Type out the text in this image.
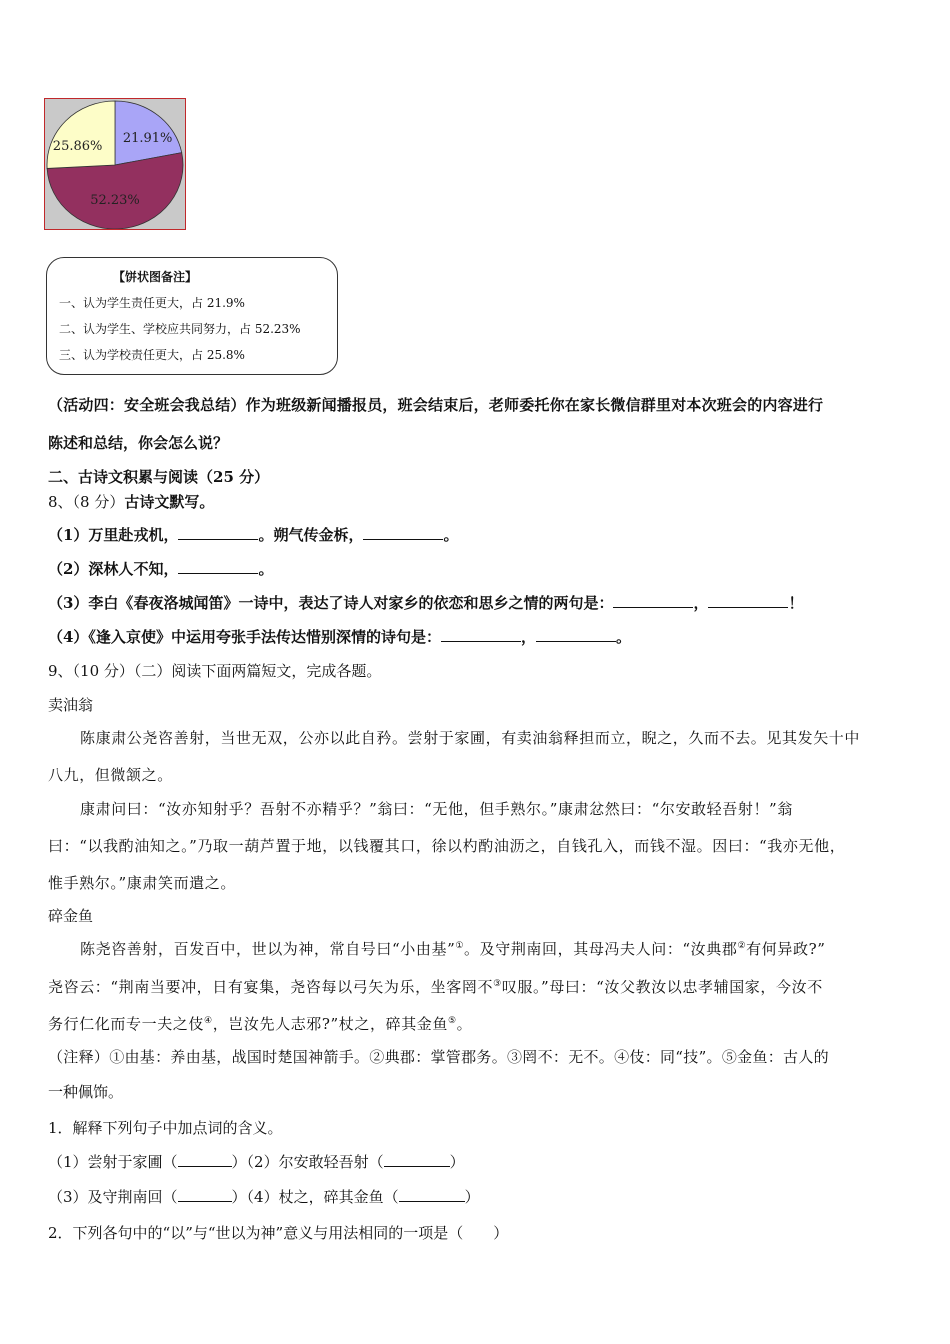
21.91%
52.23%
25.86%
【饼状图备注】
一、认为学生责任更大，占 21.9%
二、认为学生、学校应共同努力，占 52.23%
三、认为学校责任更大，占 25.8%
（活动四：安全班会我总结）作为班级新闻播报员，班会结束后，老师委托你在家长微信群里对本次班会的内容进行
陈述和总结，你会怎么说？
二、古诗文积累与阅读（25 分）
8、（8 分）古诗文默写。
（1）万里赴戎机，	。朔气传金柝，	。
（2）深林人不知，	。
（3）李白《春夜洛城闻笛》一诗中，表达了诗人对家乡的依恋和思乡之情的两句是：	，	！
（4）《逢入京使》中运用夸张手法传达惜别深情的诗句是：	，	。
9、（10 分）（二）阅读下面两篇短文，完成各题。
卖油翁
陈康肃公尧咨善射，当世无双，公亦以此自矜。尝射于家圃，有卖油翁释担而立，睨之，久而不去。见其发矢十中
八九，但微颔之。
康肃问曰：“汝亦知射乎？吾射不亦精乎？”翁曰：“无他，但手熟尔。”康肃忿然曰：“尔安敢轻吾射！”翁
曰：“以我酌油知之。”乃取一葫芦置于地，以钱覆其口，徐以杓酌油沥之，自钱孔入，而钱不湿。因曰：“我亦无他，
惟手熟尔。”康肃笑而遣之。
碎金鱼
陈尧咨善射，百发百中，世以为神，常自号曰“小由基”①。及守荆南回，其母冯夫人问：“汝典郡②有何异政?”
尧咨云：“荆南当要冲，日有宴集，尧咨每以弓矢为乐，坐客罔不③叹服。”母曰：“汝父教汝以忠孝辅国家，今汝不
务行仁化而专一夫之伎④，岂汝先人志邪?”杖之，碎其金鱼⑤。
（注释）①由基：养由基，战国时楚国神箭手。②典郡：掌管郡务。③罔不：无不。④伎：同“技”。⑤金鱼：古人的
一种佩饰。
1．解释下列句子中加点词的含义。
（1）尝射于家圃（	）（2）尔安敢轻吾射（	）
（3）及守荆南回（	）（4）杖之，碎其金鱼（	）
2．下列各句中的“以”与“世以为神”意义与用法相同的一项是（　　）
